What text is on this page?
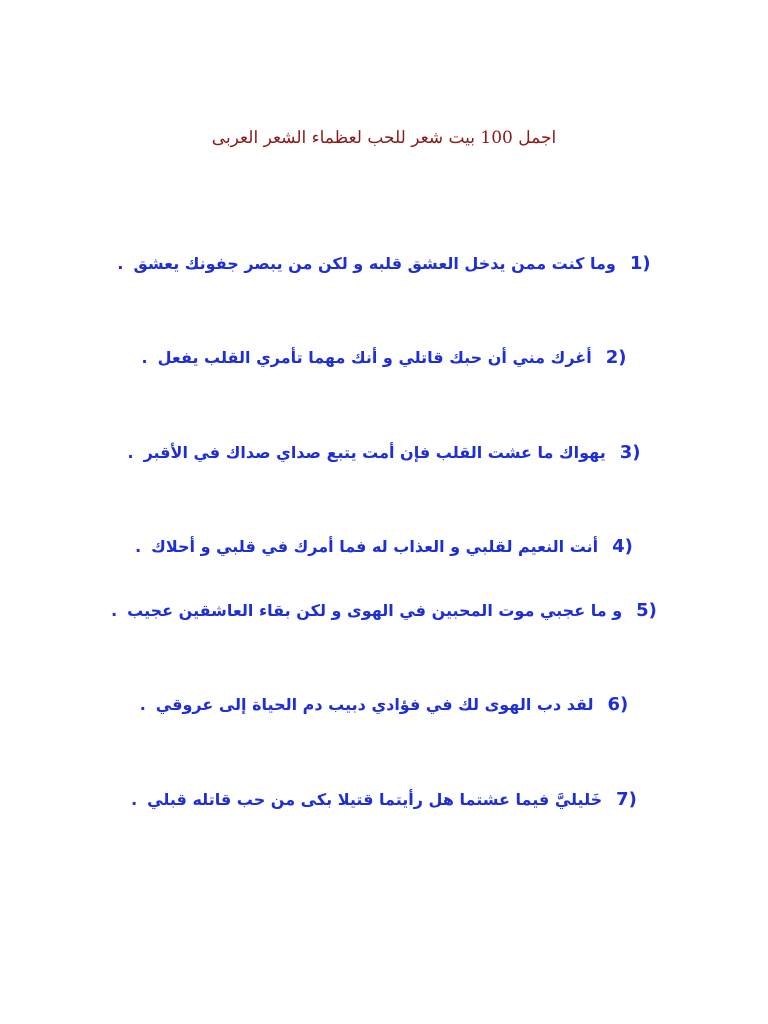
اجمل 100 بيت شعر للحب لعظماء الشعر العربى
1)
وما كنت ممن يدخل العشق قلبه و لكن من يبصر جفونك يعشق
.
2)
أغرك مني أن حبك قاتلي و أنك مهما تأمري القلب يفعل
.
3)
يهواك ما عشت القلب فإن أمت يتبع صداي صداك في الأقبر
.
4)
أنت النعيم لقلبي و العذاب له فما أمرك في قلبي و أحلاك
.
5)
و ما عجبي موت المحبين في الهوى و لكن بقاء العاشقين عجيب
.
6)
لقد دب الهوى لك في فؤادي دبيب دم الحياة إلى عروقي
.
7)
خَليليَّ فيما عشتما هل رأيتما قتيلا بكى من حب قاتله قبلي
.
